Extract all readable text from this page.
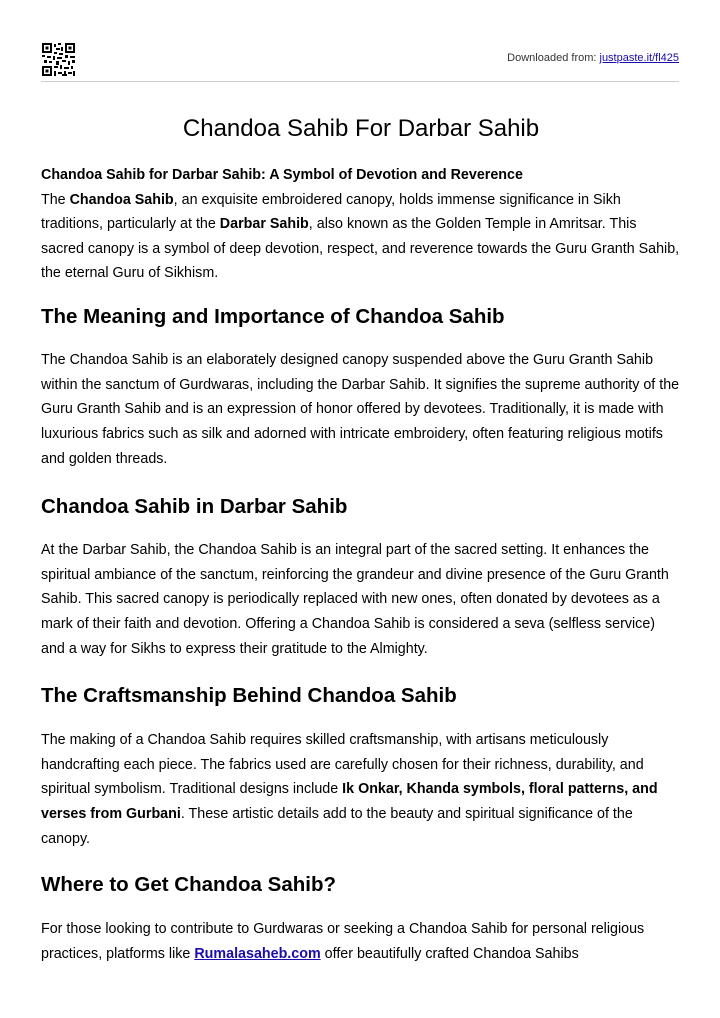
Downloaded from: justpaste.it/fl425
Chandoa Sahib For Darbar Sahib

Chandoa Sahib for Darbar Sahib: A Symbol of Devotion and Reverence
The Chandoa Sahib, an exquisite embroidered canopy, holds immense significance in Sikh traditions, particularly at the Darbar Sahib, also known as the Golden Temple in Amritsar. This sacred canopy is a symbol of deep devotion, respect, and reverence towards the Guru Granth Sahib, the eternal Guru of Sikhism.

The Meaning and Importance of Chandoa Sahib

The Chandoa Sahib is an elaborately designed canopy suspended above the Guru Granth Sahib within the sanctum of Gurdwaras, including the Darbar Sahib. It signifies the supreme authority of the Guru Granth Sahib and is an expression of honor offered by devotees. Traditionally, it is made with luxurious fabrics such as silk and adorned with intricate embroidery, often featuring religious motifs and golden threads.

Chandoa Sahib in Darbar Sahib

At the Darbar Sahib, the Chandoa Sahib is an integral part of the sacred setting. It enhances the spiritual ambiance of the sanctum, reinforcing the grandeur and divine presence of the Guru Granth Sahib. This sacred canopy is periodically replaced with new ones, often donated by devotees as a mark of their faith and devotion. Offering a Chandoa Sahib is considered a seva (selfless service) and a way for Sikhs to express their gratitude to the Almighty.

The Craftsmanship Behind Chandoa Sahib

The making of a Chandoa Sahib requires skilled craftsmanship, with artisans meticulously handcrafting each piece. The fabrics used are carefully chosen for their richness, durability, and spiritual symbolism. Traditional designs include Ik Onkar, Khanda symbols, floral patterns, and verses from Gurbani. These artistic details add to the beauty and spiritual significance of the canopy.

Where to Get Chandoa Sahib?

For those looking to contribute to Gurdwaras or seeking a Chandoa Sahib for personal religious practices, platforms like Rumalasaheb.com offer beautifully crafted Chandoa Sahibs
